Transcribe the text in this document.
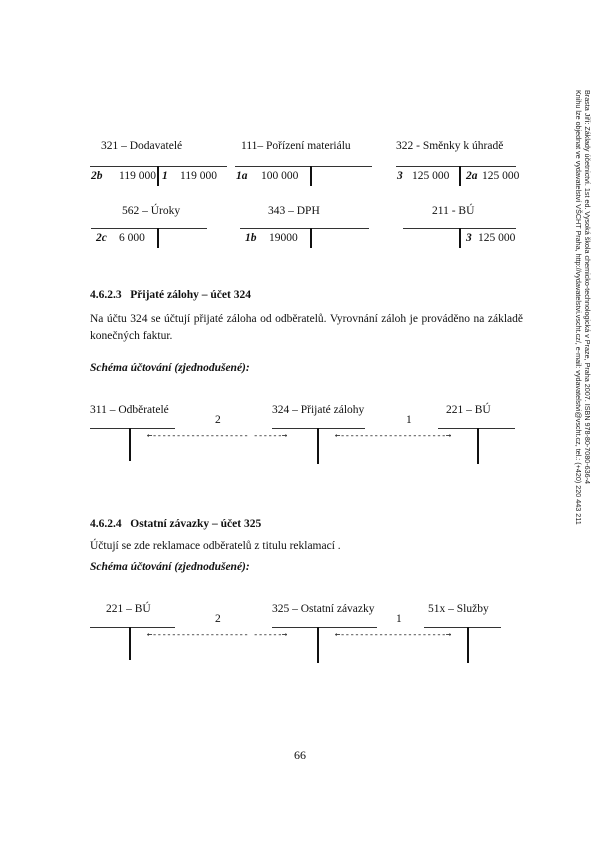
Brasta Jiří: Základy účetnictví. 1st ed. Vysoká škola chemicko-technologická v Praze, Praha 2007. ISBN 978-80-7080-636-4
Knihu lze objednat ve vydavatelství VŠCHT Praha, http://vydavatelstvi.vscht.cz/, e-mail: vydavatelstvi@vscht.cz, tel.: (+420) 220 443 211
321 – Dodavatelé
2b 119 000 1 119 000
111– Pořízení materiálu
1a 100 000
322 - Směnky k úhradě
3 125 000 2a 125 000
562 – Úroky
2c 6 000
343 – DPH
1b 19000
211 - BÚ
3 125 000
4.6.2.3   Přijaté zálohy – účet 324
Na účtu 324 se účtují přijaté záloha od odběratelů. Vyrovnání záloh je prováděno na základě konečných faktur.
Schéma účtování (zjednodušené):
311 – Odběratelé	324 – Přijaté zálohy	221 – BÚ
2	1
←-------------------- ------→	←----------------------→
4.6.2.4   Ostatní závazky – účet 325
Účtují se zde reklamace odběratelů z titulu reklamací .
Schéma účtování (zjednodušené):
221 – BÚ	325 – Ostatní závazky	51x – Služby
2	1
←-------------------- ------→	←----------------------→
66
